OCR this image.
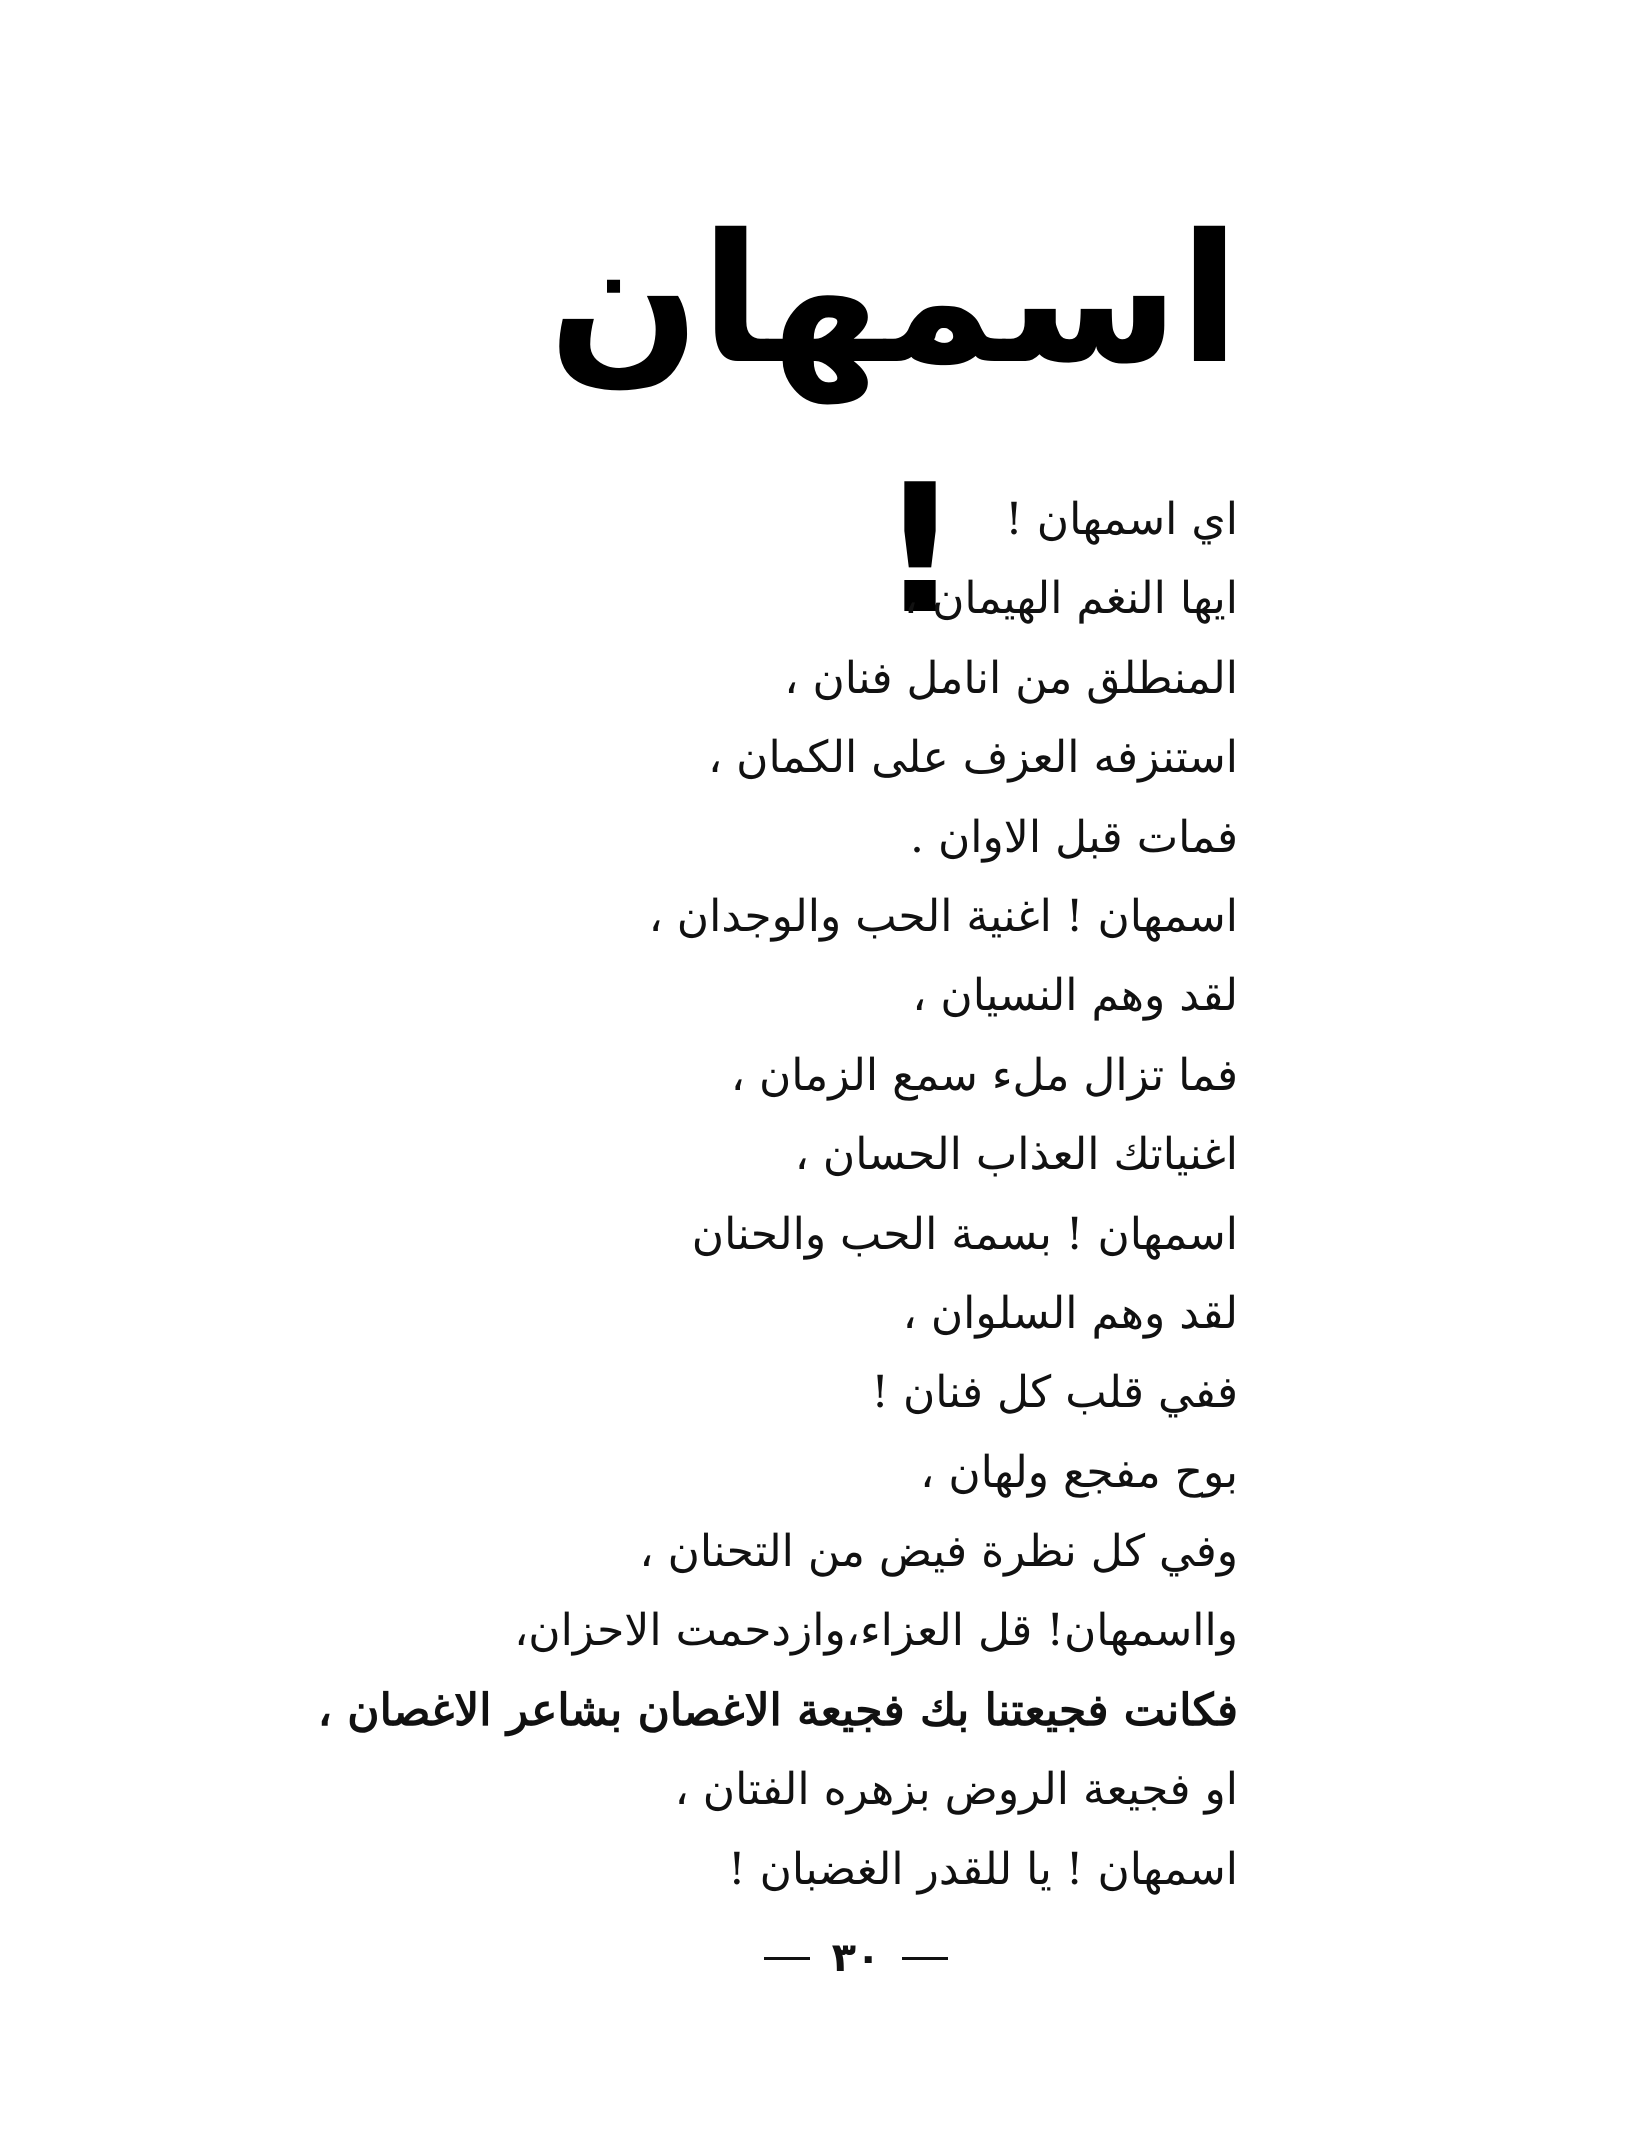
اسمهان !	اي اسمهان !
ايها النغم الهيمان ،
المنطلق من انامل فنان ،
استنزفه العزف على الكمان ،
فمات قبل الاوان .
اسمهان ! اغنية الحب والوجدان ،
لقد وهم النسيان ،
فما تزال ملء سمع الزمان ،
اغنياتك العذاب الحسان ،
اسمهان ! بسمة الحب والحنان
لقد وهم السلوان ،
ففي قلب كل فنان !
بوح مفجع ولهان ،
وفي كل نظرة فيض من التحنان ،
وااسمهان! قل العزاء،وازدحمت الاحزان،
فكانت فجيعتنا بك فجيعة الاغصان بشاعر الاغصان ،
او فجيعة الروض بزهره الفتان ،
اسمهان ! يا للقدر الغضبان !
٣٠
